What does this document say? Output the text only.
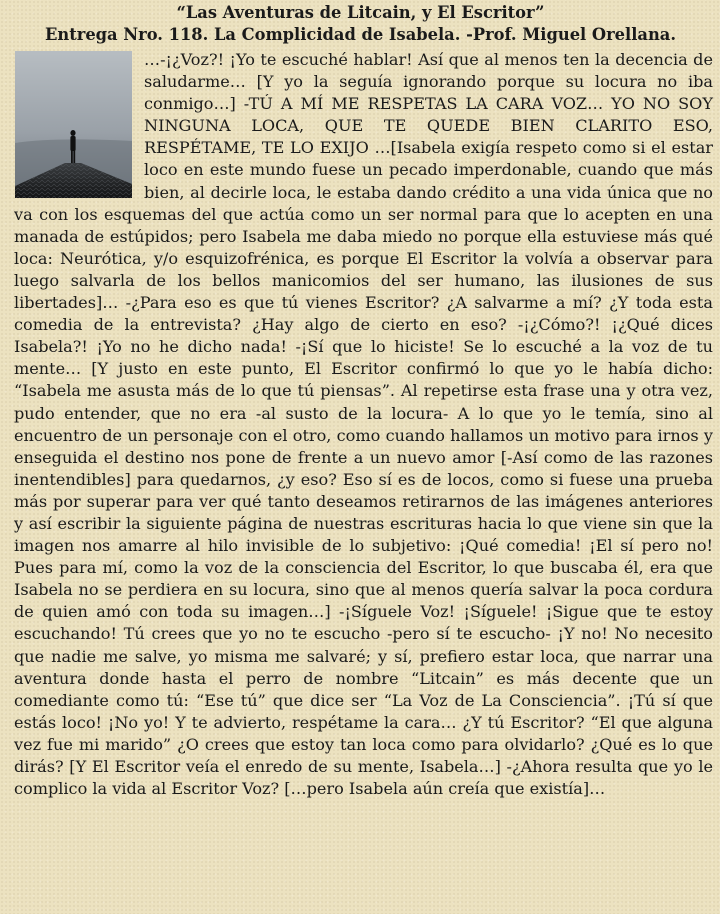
“Las Aventuras de Litcain, y El Escritor”
Entrega Nro. 118. La Complicidad de Isabela. -Prof. Miguel Orellana.
…-¡¿Voz?! ¡Yo te escuché hablar! Así que al menos ten la decencia de saludarme… [Y yo la seguía ignorando porque su locura no iba conmigo…] -TÚ A MÍ ME RESPETAS LA CARA VOZ… YO NO SOY NINGUNA LOCA, QUE TE QUEDE BIEN CLARITO ESO, RESPÉTAME, TE LO EXIJO …[Isabela exigía respeto como si el estar loco en este mundo fuese un pecado imperdonable, cuando que más bien, al decirle loca, le estaba dando crédito a una vida única que no va con los esquemas del que actúa como un ser normal para que lo acepten en una manada de estúpidos; pero Isabela me daba miedo no porque ella estuviese más qué loca: Neurótica, y/o esquizofrénica, es porque El Escritor la volvía a observar para luego salvarla de los bellos manicomios del ser humano, las ilusiones de sus libertades]… -¿Para eso es que tú vienes Escritor? ¿A salvarme a mí? ¿Y toda esta comedia de la entrevista? ¿Hay algo de cierto en eso? -¡¿Cómo?! ¡¿Qué dices Isabela?! ¡Yo no he dicho nada! -¡Sí que lo hiciste! Se lo escuché a la voz de tu mente… [Y justo en este punto, El Escritor confirmó lo que yo le había dicho: “Isabela me asusta más de lo que tú piensas”. Al repetirse esta frase una y otra vez, pudo entender, que no era -al susto de la locura- A lo que yo le temía, sino al encuentro de un personaje con el otro, como cuando hallamos un motivo para irnos y enseguida el destino nos pone de frente a un nuevo amor [-Así como de las razones inentendibles] para quedarnos, ¿y eso? Eso sí es de locos, como si fuese una prueba más por superar para ver qué tanto deseamos retirarnos de las imágenes anteriores y así escribir la siguiente página de nuestras escrituras hacia lo que viene sin que la imagen nos amarre al hilo invisible de lo subjetivo: ¡Qué comedia! ¡El sí pero no! Pues para mí, como la voz de la consciencia del Escritor, lo que buscaba él, era que Isabela no se perdiera en su locura, sino que al menos quería salvar la poca cordura de quien amó con toda su imagen…] -¡Síguele Voz! ¡Síguele! ¡Sigue que te estoy escuchando! Tú crees que yo no te escucho -pero sí te escucho- ¡Y no! No necesito que nadie me salve, yo misma me salvaré; y sí, prefiero estar loca, que narrar una aventura donde hasta el perro de nombre “Litcain” es más decente que un comediante como tú: “Ese tú” que dice ser “La Voz de La Consciencia”. ¡Tú sí que estás loco! ¡No yo! Y te advierto, respétame la cara… ¿Y tú Escritor? “El que alguna vez fue mi marido” ¿O crees que estoy tan loca como para olvidarlo? ¿Qué es lo que dirás? [Y El Escritor veía el enredo de su mente, Isabela…] -¿Ahora resulta que yo le complico la vida al Escritor Voz? […pero Isabela aún creía que existía]…
